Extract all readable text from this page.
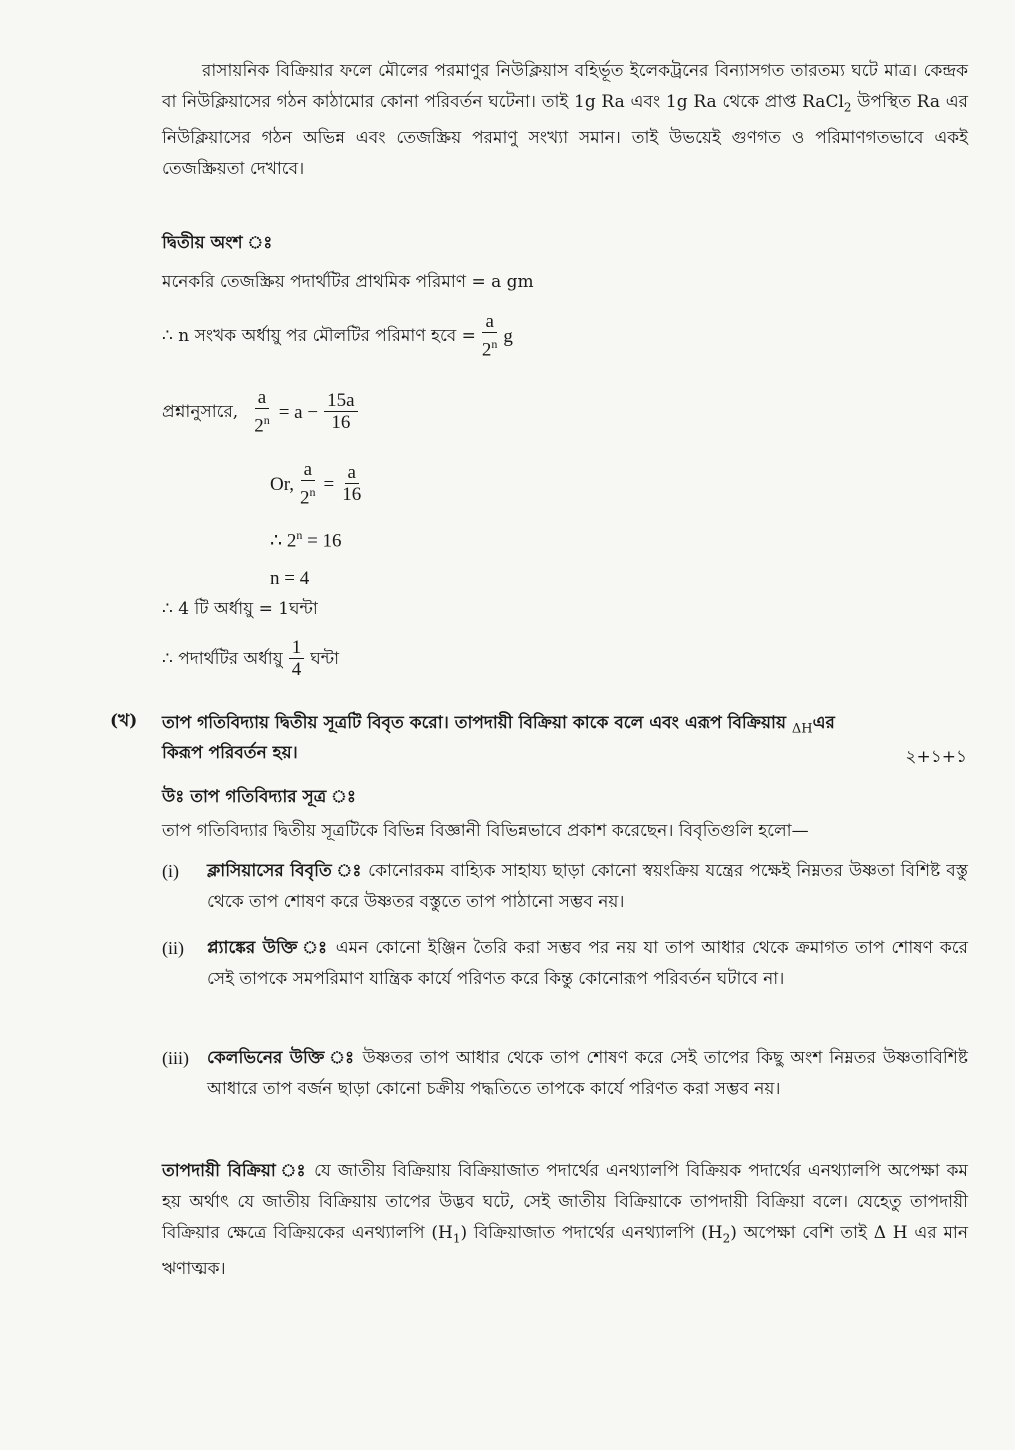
রাসায়নিক বিক্রিয়ার ফলে মৌলের পরমাণুর নিউক্লিয়াস বহির্ভূত ইলেকট্রনের বিন্যাসগত তারতম্য ঘটে মাত্র। কেন্দ্রক বা নিউক্লিয়াসের গঠন কাঠামোর কোনা পরিবর্তন ঘটেনা। তাই 1g Ra এবং 1g Ra থেকে প্রাপ্ত RaCl$_2$ উপস্থিত Ra এর নিউক্লিয়াসের গঠন অভিন্ন এবং তেজস্ক্রিয় পরমাণু সংখ্যা সমান। তাই উভয়েই গুণগত ও পরিমাণগতভাবে একই তেজস্ক্রিয়তা দেখাবে।
দ্বিতীয় অংশ ঃ
মনেকরি তেজস্ক্রিয় পদার্থটির প্রাথমিক পরিমাণ = a gm
∴ n সংখক অর্ধায়ু পর মৌলটির পরিমাণ হবে = $\frac{a}{2^n}$ g
প্রশ্নানুসারে, $\frac{a}{2^n} = a - \frac{15a}{16}$
Or, $\frac{a}{2^n} = \frac{a}{16}$
∴ $2^n = 16$
n = 4
∴ 4 টি অর্ধায়ু = 1ঘন্টা
∴ পদার্থটির অর্ধায়ু $\frac{1}{4}$ ঘন্টা
(খ) তাপ গতিবিদ্যায় দ্বিতীয় সূত্রটি বিবৃত করো। তাপদায়ী বিক্রিয়া কাকে বলে এবং এরূপ বিক্রিয়ায় $_{\Delta H}$এর
কিরূপ পরিবর্তন হয়।	২+১+১
উঃ তাপ গতিবিদ্যার সূত্র ঃ
তাপ গতিবিদ্যার দ্বিতীয় সূত্রটিকে বিভিন্ন বিজ্ঞানী বিভিন্নভাবে প্রকাশ করেছেন। বিবৃতিগুলি হলো—
(i)	ক্লাসিয়াসের বিবৃতি ঃ কোনোরকম বাহ্যিক সাহায্য ছাড়া কোনো স্বয়ংক্রিয় যন্ত্রের পক্ষেই নিম্নতর উষ্ণতা বিশিষ্ট বস্তু থেকে তাপ শোষণ করে উষ্ণতর বস্তুতে তাপ পাঠানো সম্ভব নয়।
(ii)	প্ল্যাঙ্কের উক্তি ঃ এমন কোনো ইঞ্জিন তৈরি করা সম্ভব পর নয় যা তাপ আধার থেকে ক্রমাগত তাপ শোষণ করে সেই তাপকে সমপরিমাণ যান্ত্রিক কার্যে পরিণত করে কিন্তু কোনোরূপ পরিবর্তন ঘটাবে না।
(iii)	কেলভিনের উক্তি ঃ উষ্ণতর তাপ আধার থেকে তাপ শোষণ করে সেই তাপের কিছু অংশ নিম্নতর উষ্ণতাবিশিষ্ট আধারে তাপ বর্জন ছাড়া কোনো চক্রীয় পদ্ধতিতে তাপকে কার্যে পরিণত করা সম্ভব নয়।
তাপদায়ী বিক্রিয়া ঃ যে জাতীয় বিক্রিয়ায় বিক্রিয়াজাত পদার্থের এনথ্যালপি বিক্রিয়ক পদার্থের এনথ্যালপি অপেক্ষা কম হয় অর্থাৎ যে জাতীয় বিক্রিয়ায় তাপের উদ্ভব ঘটে, সেই জাতীয় বিক্রিয়াকে তাপদায়ী বিক্রিয়া বলে। যেহেতু তাপদায়ী বিক্রিয়ার ক্ষেত্রে বিক্রিয়কের এনথ্যালপি $(H_1)$ বিক্রিয়াজাত পদার্থের এনথ্যালপি $(H_2)$ অপেক্ষা বেশি তাই Δ H এর মান ঋণাত্মক।
